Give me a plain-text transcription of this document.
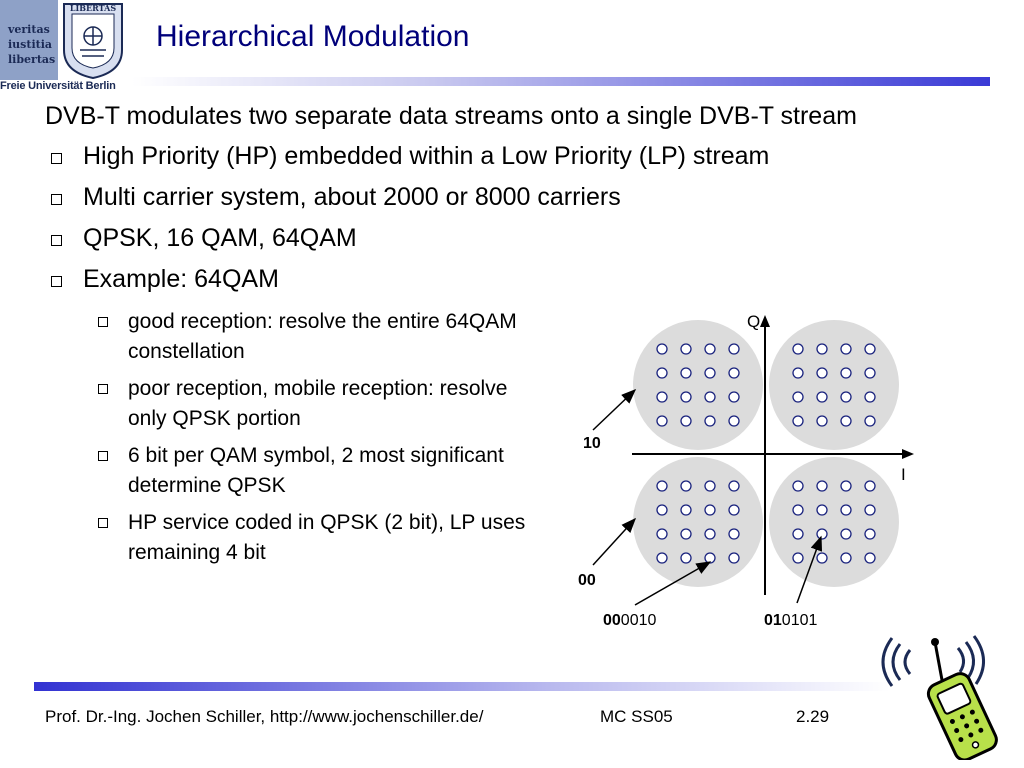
veritas
iustitia
libertas
LIBERTAS
Freie Universität Berlin
Hierarchical Modulation
DVB-T modulates two separate data streams onto a single DVB-T stream
High Priority (HP) embedded within a Low Priority (LP) stream
Multi carrier system, about 2000 or 8000 carriers
QPSK, 16 QAM, 64QAM
Example: 64QAM
good reception: resolve the entire 64QAM constellation
poor reception, mobile reception: resolve only QPSK portion
6 bit per QAM symbol, 2 most significant determine QPSK
HP service coded in QPSK (2 bit), LP uses remaining 4 bit
Q
I
10
00
000010	010101
Prof. Dr.-Ing. Jochen Schiller, http://www.jochenschiller.de/	MC SS05	2.29
